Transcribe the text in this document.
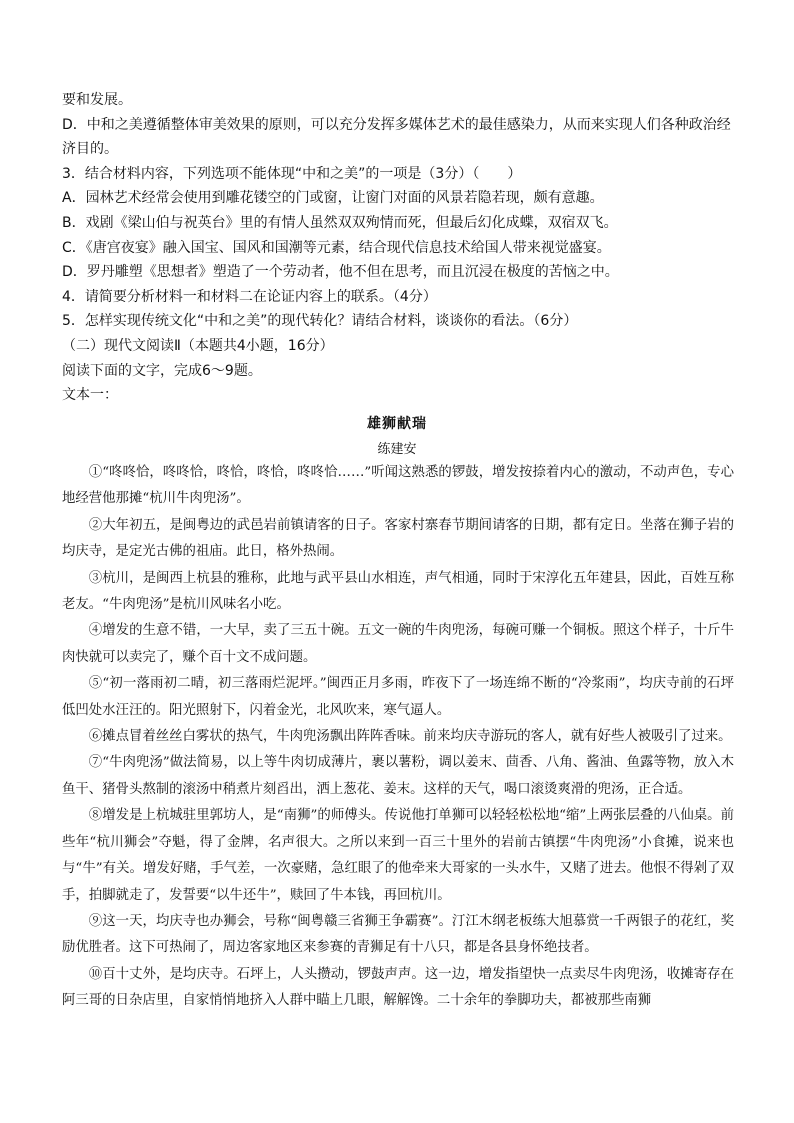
要和发展。

D．中和之美遵循整体审美效果的原则，可以充分发挥多媒体艺术的最佳感染力，从而来实现人们各种政治经济目的。

3．结合材料内容，下列选项不能体现“中和之美”的一项是（3分）（　　）

A．园林艺术经常会使用到雕花镂空的门或窗，让窗门对面的风景若隐若现，颇有意趣。

B．戏剧《梁山伯与祝英台》里的有情人虽然双双殉情而死，但最后幻化成蝶，双宿双飞。

C．《唐宫夜宴》融入国宝、国风和国潮等元素，结合现代信息技术给国人带来视觉盛宴。

D．罗丹雕塑《思想者》塑造了一个劳动者，他不但在思考，而且沉浸在极度的苦恼之中。

4．请简要分析材料一和材料二在论证内容上的联系。（4分）

5．怎样实现传统文化“中和之美”的现代转化？请结合材料，谈谈你的看法。（6分）

（二）现代文阅读Ⅱ（本题共4小题，16分）

阅读下面的文字，完成6～9题。

文本一：

雄狮献瑞
练建安

①“咚咚恰，咚咚恰，咚恰，咚恰，咚咚恰……”听闻这熟悉的锣鼓，增发按捺着内心的激动，不动声色，专心地经营他那摊“杭川牛肉兜汤”。

②大年初五，是闽粤边的武邑岩前镇请客的日子。客家村寨春节期间请客的日期，都有定日。坐落在狮子岩的均庆寺，是定光古佛的祖庙。此日，格外热闹。

③杭川，是闽西上杭县的雅称，此地与武平县山水相连，声气相通，同时于宋淳化五年建县，因此，百姓互称老友。“牛肉兜汤”是杭川风味名小吃。

④增发的生意不错，一大早，卖了三五十碗。五文一碗的牛肉兜汤，每碗可赚一个铜板。照这个样子，十斤牛肉快就可以卖完了，赚个百十文不成问题。

⑤“初一落雨初二晴，初三落雨烂泥坪。”闽西正月多雨，昨夜下了一场连绵不断的“冷浆雨”，均庆寺前的石坪低凹处水汪汪的。阳光照射下，闪着金光，北风吹来，寒气逼人。

⑥摊点冒着丝丝白雾状的热气，牛肉兜汤飘出阵阵香味。前来均庆寺游玩的客人，就有好些人被吸引了过来。

⑦“牛肉兜汤”做法简易，以上等牛肉切成薄片，裹以薯粉，调以姜末、茴香、八角、酱油、鱼露等物，放入木鱼干、猪骨头熬制的滚汤中稍煮片刻舀出，洒上葱花、姜末。这样的天气，喝口滚烫爽滑的兜汤，正合适。

⑧增发是上杭城驻里郭坊人，是“南狮”的师傅头。传说他打单狮可以轻轻松松地“缩”上两张层叠的八仙桌。前些年“杭川狮会”夺魁，得了金牌，名声很大。之所以来到一百三十里外的岩前古镇摆“牛肉兜汤”小食摊，说来也与“牛”有关。增发好赌，手气差，一次豪赌，急红眼了的他牵来大哥家的一头水牛，又赌了进去。他恨不得剁了双手，拍脚就走了，发誓要“以牛还牛”，赎回了牛本钱，再回杭川。

⑨这一天，均庆寺也办狮会，号称“闽粤赣三省狮王争霸赛”。汀江木纲老板练大旭慕赏一千两银子的花红，奖励优胜者。这下可热闹了，周边客家地区来参赛的青狮足有十八只，都是各县身怀绝技者。

⑩百十丈外，是均庆寺。石坪上，人头攒动，锣鼓声声。这一边，增发指望快一点卖尽牛肉兜汤，收摊寄存在阿三哥的日杂店里，自家悄悄地挤入人群中瞄上几眼，解解馋。二十余年的拳脚功夫，都被那些南狮
